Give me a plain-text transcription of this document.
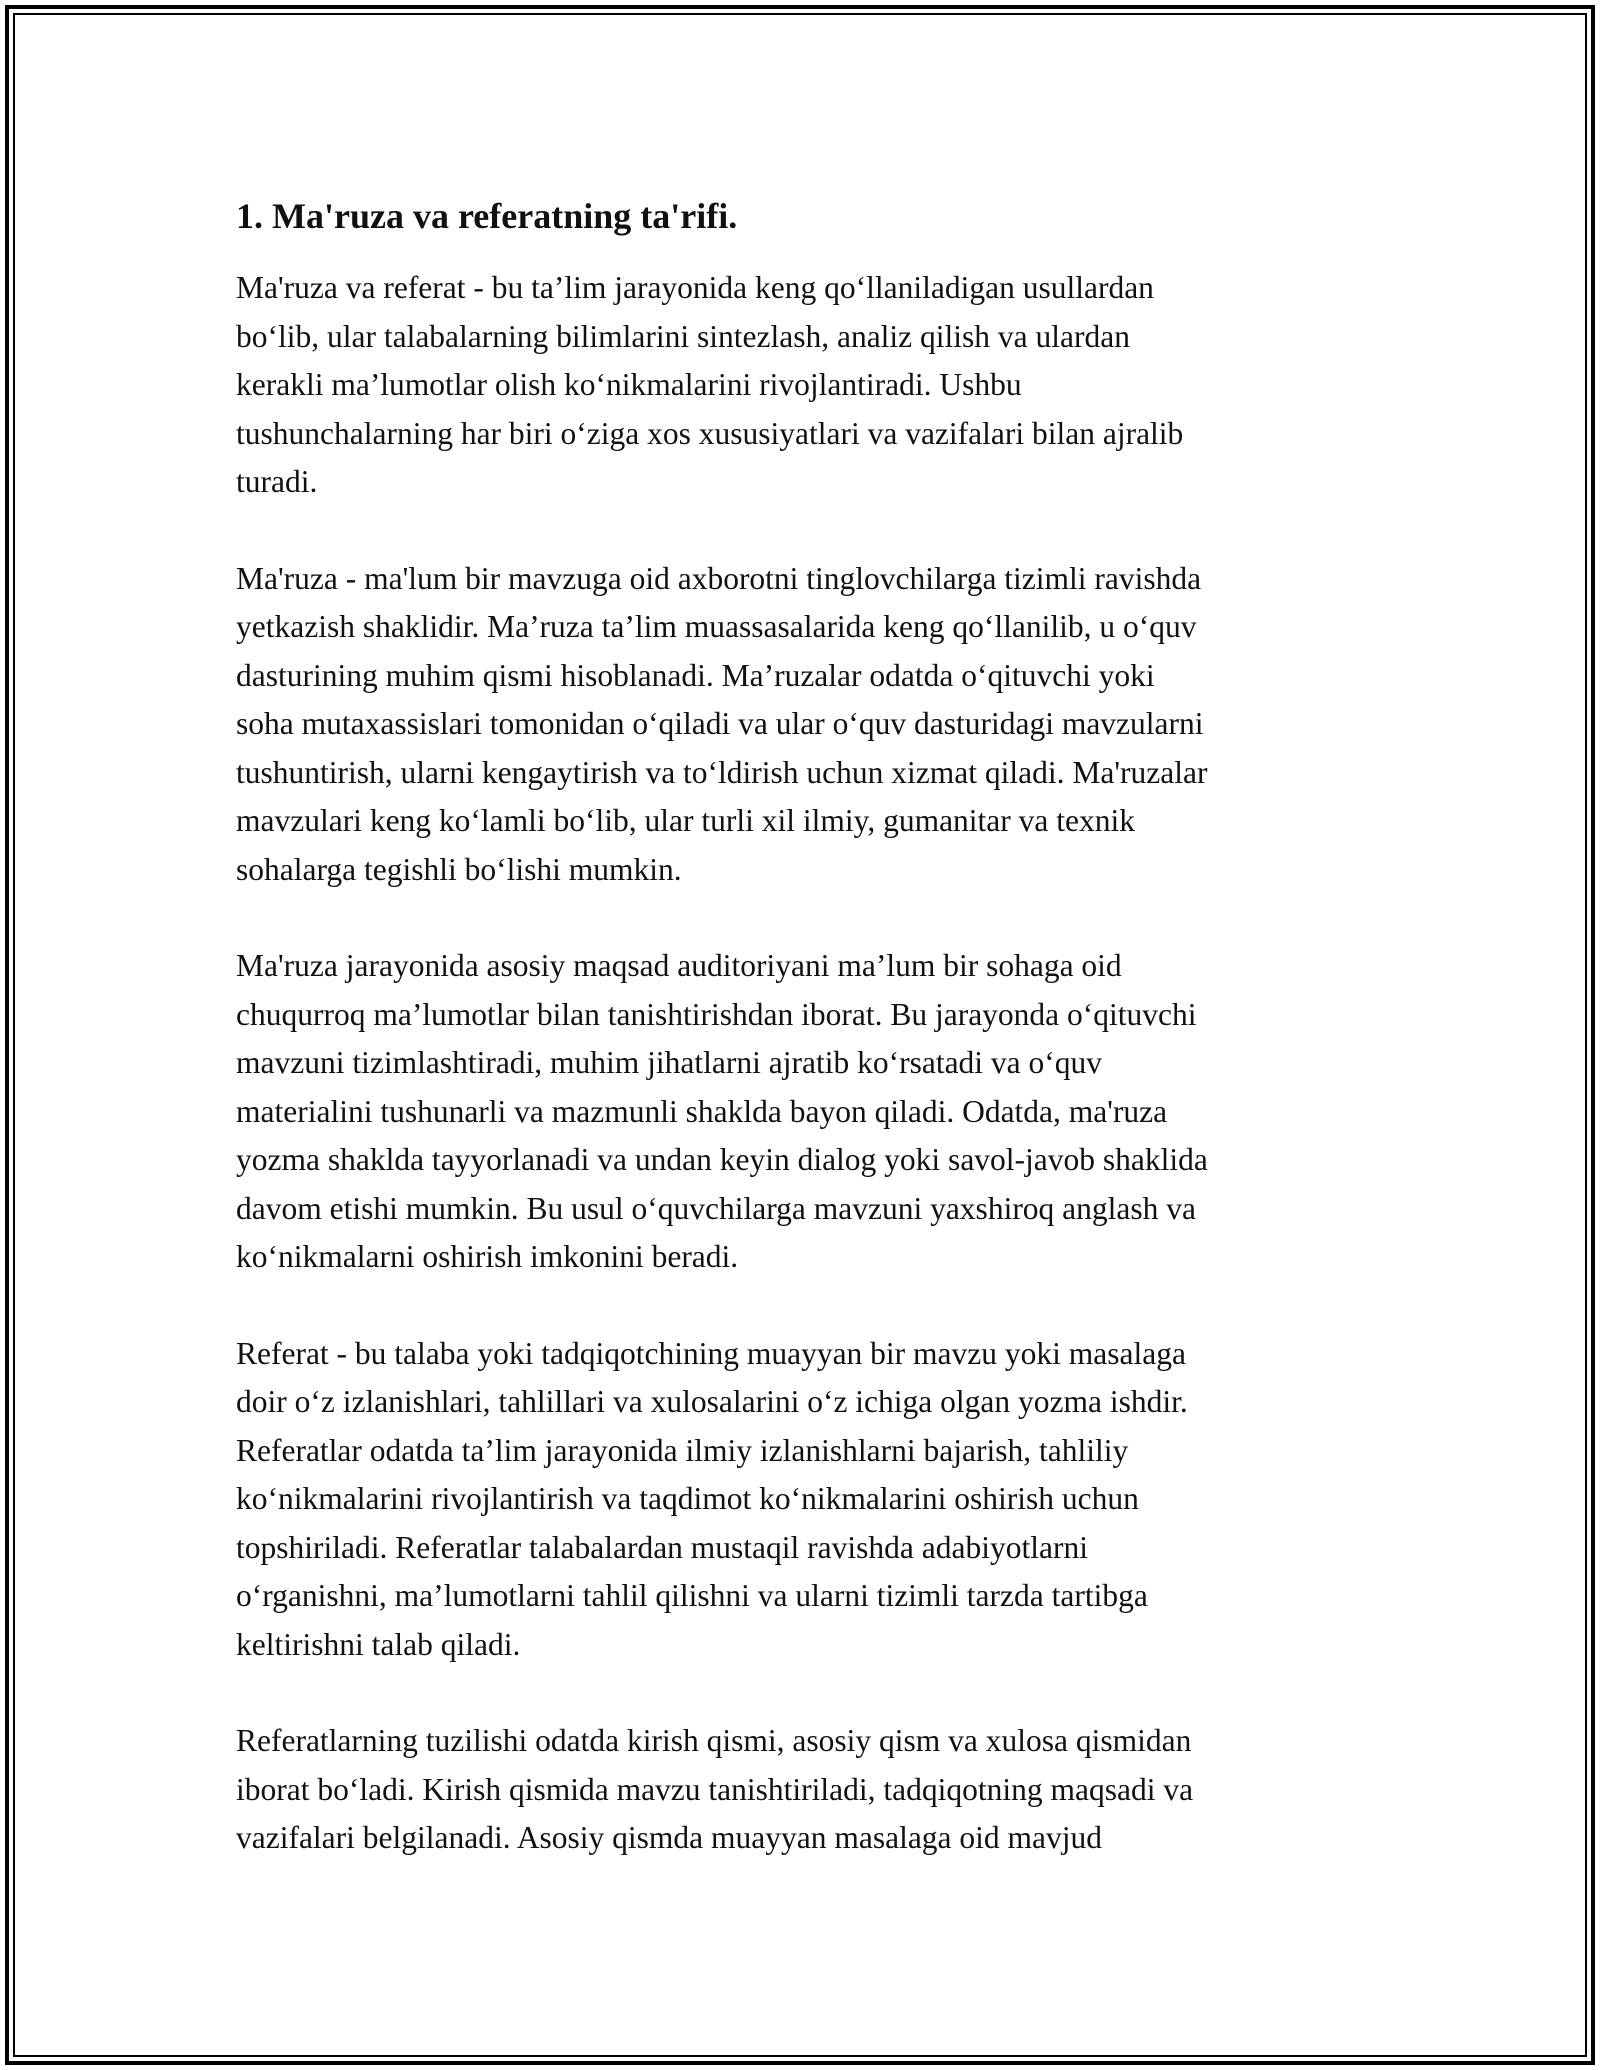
1. Ma'ruza va referatning ta'rifi.

Ma'ruza va referat - bu ta’lim jarayonida keng qo‘llaniladigan usullardan
bo‘lib, ular talabalarning bilimlarini sintezlash, analiz qilish va ulardan
kerakli ma’lumotlar olish ko‘nikmalarini rivojlantiradi. Ushbu
tushunchalarning har biri o‘ziga xos xususiyatlari va vazifalari bilan ajralib
turadi.

Ma'ruza - ma'lum bir mavzuga oid axborotni tinglovchilarga tizimli ravishda
yetkazish shaklidir. Ma’ruza ta’lim muassasalarida keng qo‘llanilib, u o‘quv
dasturining muhim qismi hisoblanadi. Ma’ruzalar odatda o‘qituvchi yoki
soha mutaxassislari tomonidan o‘qiladi va ular o‘quv dasturidagi mavzularni
tushuntirish, ularni kengaytirish va to‘ldirish uchun xizmat qiladi. Ma'ruzalar
mavzulari keng ko‘lamli bo‘lib, ular turli xil ilmiy, gumanitar va texnik
sohalarga tegishli bo‘lishi mumkin.

Ma'ruza jarayonida asosiy maqsad auditoriyani ma’lum bir sohaga oid
chuqurroq ma’lumotlar bilan tanishtirishdan iborat. Bu jarayonda o‘qituvchi
mavzuni tizimlashtiradi, muhim jihatlarni ajratib ko‘rsatadi va o‘quv
materialini tushunarli va mazmunli shaklda bayon qiladi. Odatda, ma'ruza
yozma shaklda tayyorlanadi va undan keyin dialog yoki savol-javob shaklida
davom etishi mumkin. Bu usul o‘quvchilarga mavzuni yaxshiroq anglash va
ko‘nikmalarni oshirish imkonini beradi.

Referat - bu talaba yoki tadqiqotchining muayyan bir mavzu yoki masalaga
doir o‘z izlanishlari, tahlillari va xulosalarini o‘z ichiga olgan yozma ishdir.
Referatlar odatda ta’lim jarayonida ilmiy izlanishlarni bajarish, tahliliy
ko‘nikmalarini rivojlantirish va taqdimot ko‘nikmalarini oshirish uchun
topshiriladi. Referatlar talabalardan mustaqil ravishda adabiyotlarni
o‘rganishni, ma’lumotlarni tahlil qilishni va ularni tizimli tarzda tartibga
keltirishni talab qiladi.

Referatlarning tuzilishi odatda kirish qismi, asosiy qism va xulosa qismidan
iborat bo‘ladi. Kirish qismida mavzu tanishtiriladi, tadqiqotning maqsadi va
vazifalari belgilanadi. Asosiy qismda muayyan masalaga oid mavjud
